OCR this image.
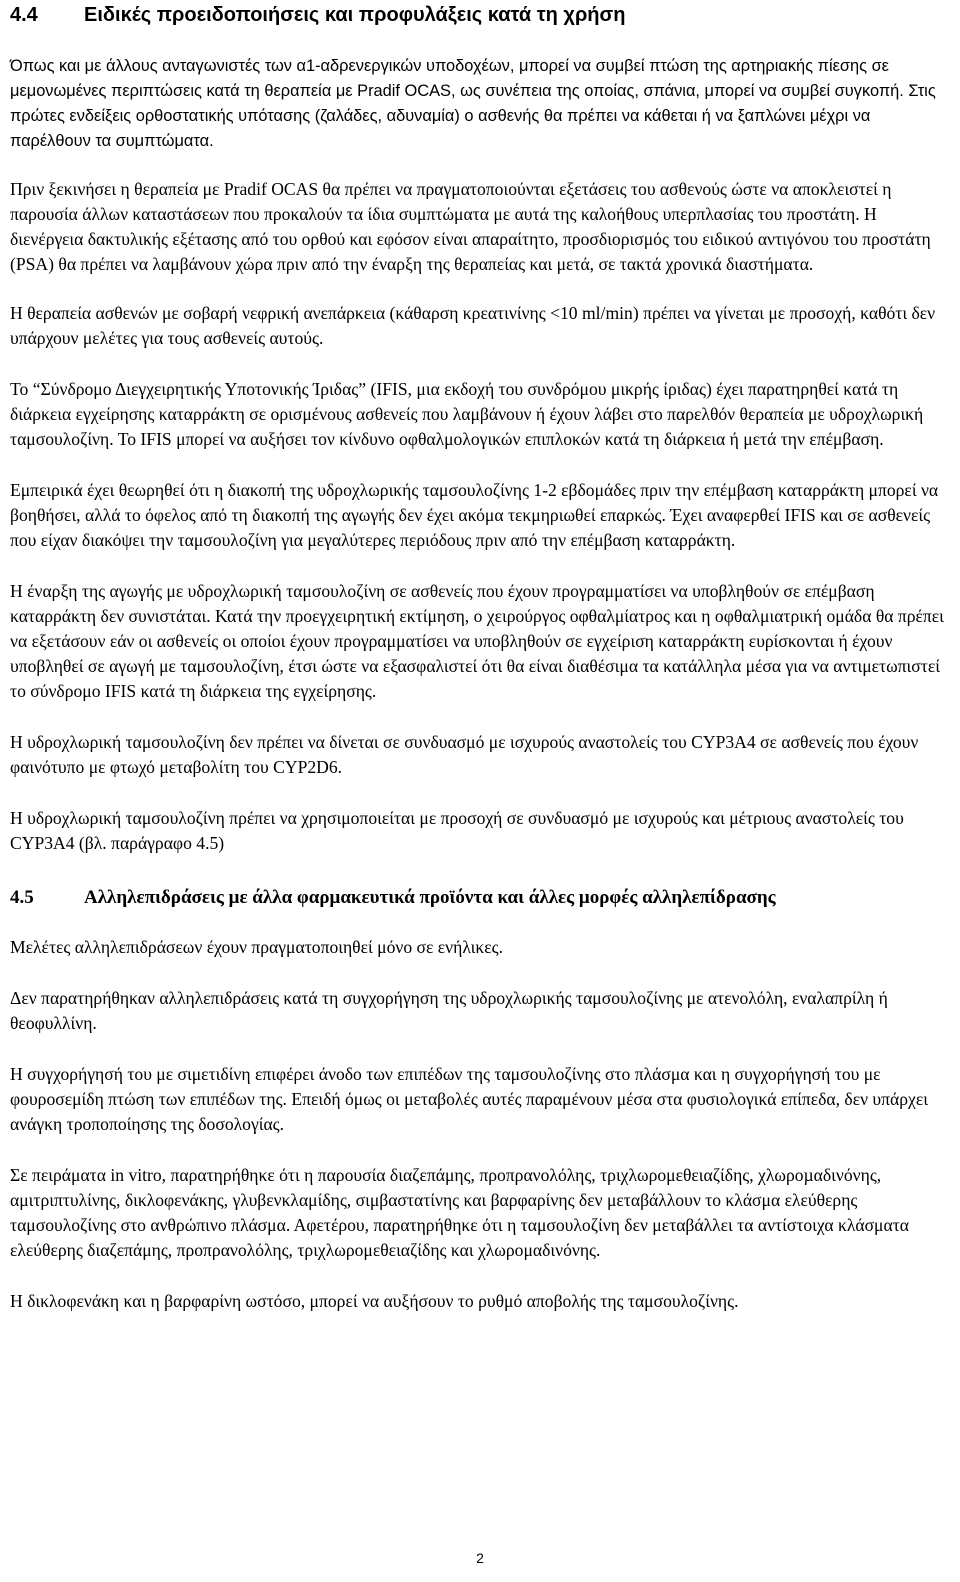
4.4 Ειδικές προειδοποιήσεις και προφυλάξεις κατά τη χρήση

Όπως και με άλλους ανταγωνιστές των α1-αδρενεργικών υποδοχέων, μπορεί να συμβεί πτώση της αρτηριακής πίεσης σε μεμονωμένες περιπτώσεις κατά τη θεραπεία με Pradif OCAS, ως συνέπεια της οποίας, σπάνια, μπορεί να συμβεί συγκοπή. Στις πρώτες ενδείξεις ορθοστατικής υπότασης (ζαλάδες, αδυναμία) ο ασθενής θα πρέπει να κάθεται ή να ξαπλώνει μέχρι να παρέλθουν τα συμπτώματα.

Πριν ξεκινήσει η θεραπεία με Pradif OCAS θα πρέπει να πραγματοποιούνται εξετάσεις του ασθενούς ώστε να αποκλειστεί η παρουσία άλλων καταστάσεων που προκαλούν τα ίδια συμπτώματα με αυτά της καλοήθους υπερπλασίας του προστάτη. Η διενέργεια δακτυλικής εξέτασης από του ορθού και εφόσον είναι απαραίτητο, προσδιορισμός του ειδικού αντιγόνου του προστάτη (PSA) θα πρέπει να λαμβάνουν χώρα πριν από την έναρξη της θεραπείας και μετά, σε τακτά χρονικά διαστήματα.

Η θεραπεία ασθενών με σοβαρή νεφρική ανεπάρκεια (κάθαρση κρεατινίνης <10 ml/min) πρέπει να γίνεται με προσοχή, καθότι δεν υπάρχουν μελέτες για τους ασθενείς αυτούς.

Το “Σύνδρομο Διεγχειρητικής Υποτονικής Ίριδας” (IFIS, μια εκδοχή του συνδρόμου μικρής ίριδας) έχει παρατηρηθεί κατά τη διάρκεια εγχείρησης καταρράκτη σε ορισμένους ασθενείς που λαμβάνουν ή έχουν λάβει στο παρελθόν θεραπεία με υδροχλωρική ταμσουλοζίνη. Το IFIS μπορεί να αυξήσει τον κίνδυνο οφθαλμολογικών επιπλοκών κατά τη διάρκεια ή μετά την επέμβαση.

Εμπειρικά έχει θεωρηθεί ότι η διακοπή της υδροχλωρικής ταμσουλοζίνης 1-2 εβδομάδες πριν την επέμβαση καταρράκτη μπορεί να βοηθήσει, αλλά το όφελος από τη διακοπή της αγωγής δεν έχει ακόμα τεκμηριωθεί επαρκώς. Έχει αναφερθεί IFIS και σε ασθενείς που είχαν διακόψει την ταμσουλοζίνη για μεγαλύτερες περιόδους πριν από την επέμβαση καταρράκτη.

Η έναρξη της αγωγής με υδροχλωρική ταμσουλοζίνη σε ασθενείς που έχουν προγραμματίσει να υποβληθούν σε επέμβαση καταρράκτη δεν συνιστάται. Κατά την προεγχειρητική εκτίμηση, ο χειρούργος οφθαλμίατρος και η οφθαλμιατρική ομάδα θα πρέπει να εξετάσουν εάν οι ασθενείς οι οποίοι έχουν προγραμματίσει να υποβληθούν σε εγχείριση καταρράκτη ευρίσκονται ή έχουν υποβληθεί σε αγωγή με ταμσουλοζίνη, έτσι ώστε να εξασφαλιστεί ότι θα είναι διαθέσιμα τα κατάλληλα μέσα για να αντιμετωπιστεί το σύνδρομο IFIS κατά τη διάρκεια της εγχείρησης.

Η υδροχλωρική ταμσουλοζίνη δεν πρέπει να δίνεται σε συνδυασμό με ισχυρούς αναστολείς του CYP3A4 σε ασθενείς που έχουν φαινότυπο με φτωχό μεταβολίτη του CYP2D6.

Η υδροχλωρική ταμσουλοζίνη πρέπει να χρησιμοποιείται με προσοχή σε συνδυασμό με ισχυρούς και μέτριους αναστολείς του CYP3A4 (βλ. παράγραφο 4.5)

4.5	Αλληλεπιδράσεις με άλλα φαρμακευτικά προϊόντα και άλλες μορφές αλληλεπίδρασης

Μελέτες αλληλεπιδράσεων έχουν πραγματοποιηθεί μόνο σε ενήλικες.

Δεν παρατηρήθηκαν αλληλεπιδράσεις κατά τη συγχορήγηση της υδροχλωρικής ταμσουλοζίνης με ατενολόλη, εναλαπρίλη ή θεοφυλλίνη.

Η συγχορήγησή του με σιμετιδίνη επιφέρει άνοδο των επιπέδων της ταμσουλοζίνης στο πλάσμα και η συγχορήγησή του με φουροσεμίδη πτώση των επιπέδων της. Επειδή όμως οι μεταβολές αυτές παραμένουν μέσα στα φυσιολογικά επίπεδα, δεν υπάρχει ανάγκη τροποποίησης της δοσολογίας.

Σε πειράματα in vitro, παρατηρήθηκε ότι η παρουσία διαζεπάμης, προπρανολόλης, τριχλωρομεθειαζίδης, χλωροµαδινόνης, αμιτριπτυλίνης, δικλοφενάκης, γλυβενκλαμίδης, σιμβαστατίνης και βαρφαρίνης δεν μεταβάλλουν το κλάσμα ελεύθερης ταμσουλοζίνης στο ανθρώπινο πλάσμα. Αφετέρου, παρατηρήθηκε ότι η ταμσουλοζίνη δεν μεταβάλλει τα αντίστοιχα κλάσματα ελεύθερης διαζεπάμης, προπρανολόλης, τριχλωρομεθειαζίδης και χλωρομαδινόνης.

Η δικλοφενάκη και η βαρφαρίνη ωστόσο, μπορεί να αυξήσουν το ρυθμό αποβολής της ταμσουλοζίνης.

2
